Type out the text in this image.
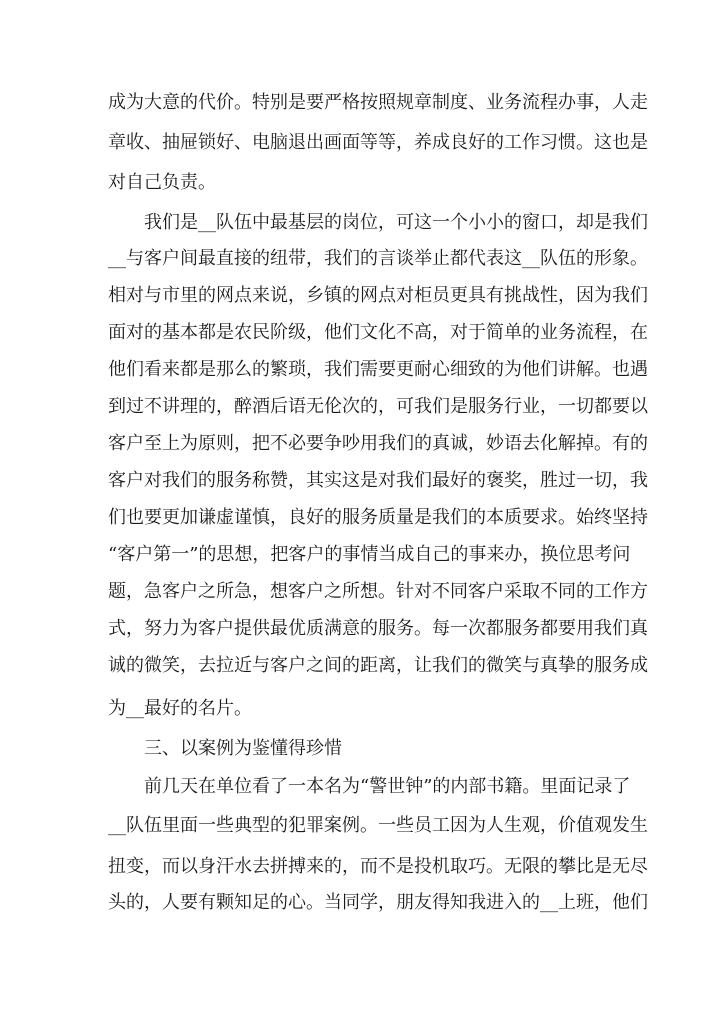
成为大意的代价。特别是要严格按照规章制度、业务流程办事，人走
章收、抽屉锁好、电脑退出画面等等，养成良好的工作习惯。这也是
对自己负责。
我们是__队伍中最基层的岗位，可这一个小小的窗口，却是我们
__与客户间最直接的纽带，我们的言谈举止都代表这__队伍的形象。
相对与市里的网点来说，乡镇的网点对柜员更具有挑战性，因为我们
面对的基本都是农民阶级，他们文化不高，对于简单的业务流程，在
他们看来都是那么的繁琐，我们需要更耐心细致的为他们讲解。也遇
到过不讲理的，醉酒后语无伦次的，可我们是服务行业，一切都要以
客户至上为原则，把不必要争吵用我们的真诚，妙语去化解掉。有的
客户对我们的服务称赞，其实这是对我们最好的褒奖，胜过一切，我
们也要更加谦虚谨慎，良好的服务质量是我们的本质要求。始终坚持
“客户第一”的思想，把客户的事情当成自己的事来办，换位思考问
题，急客户之所急，想客户之所想。针对不同客户采取不同的工作方
式，努力为客户提供最优质满意的服务。每一次都服务都要用我们真
诚的微笑，去拉近与客户之间的距离，让我们的微笑与真挚的服务成
为__最好的名片。
三、以案例为鉴懂得珍惜
前几天在单位看了一本名为“警世钟”的内部书籍。里面记录了
__队伍里面一些典型的犯罪案例。一些员工因为人生观，价值观发生
扭变，而以身汗水去拼搏来的，而不是投机取巧。无限的攀比是无尽
头的，人要有颗知足的心。当同学，朋友得知我进入的__上班，他们
